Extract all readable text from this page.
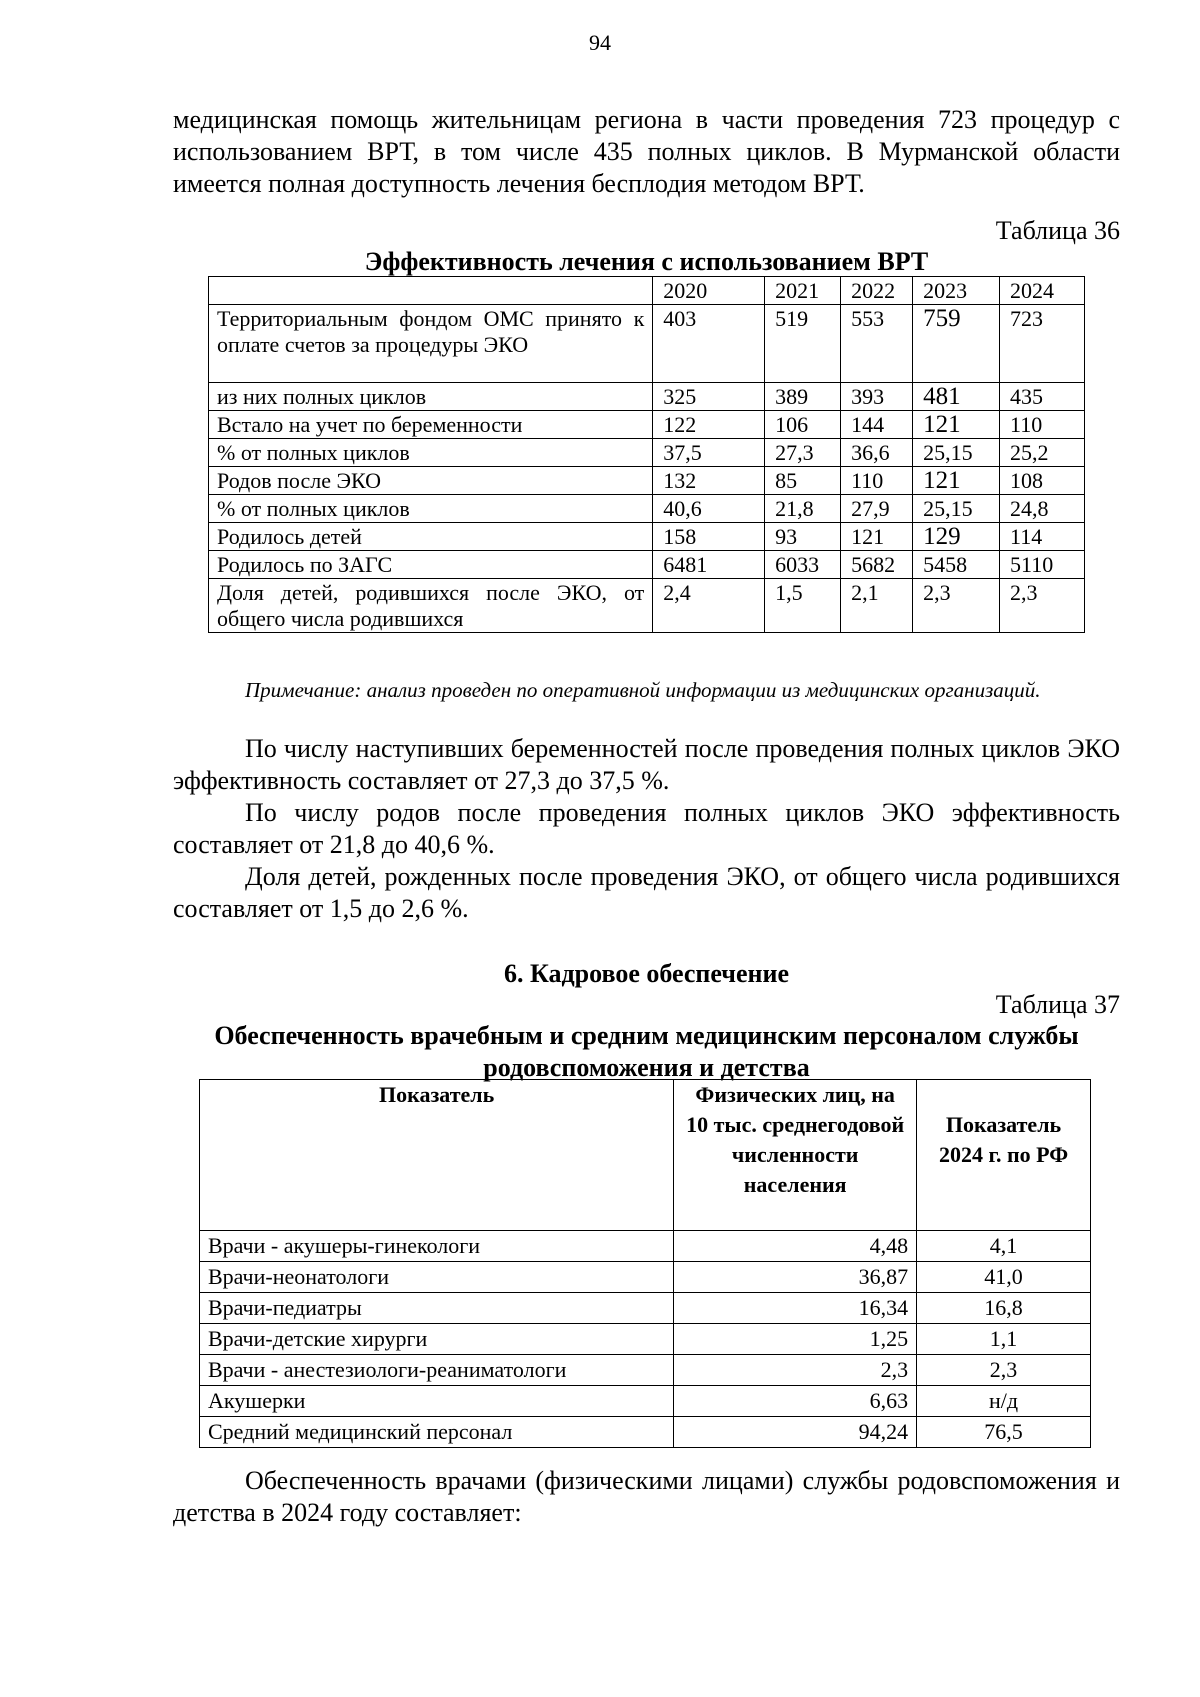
94

медицинская помощь жительницам региона в части проведения 723 процедур с использованием ВРТ, в том числе 435 полных циклов. В Мурманской области имеется полная доступность лечения бесплодия методом ВРТ.

Таблица 36
Эффективность лечения с использованием ВРТ
	2020	2021	2022	2023	2024
Территориальным фондом ОМС принято к оплате счетов за процедуры ЭКО	403	519	553	759	723
из них полных циклов	325	389	393	481	435
Встало на учет по беременности	122	106	144	121	110
% от полных циклов	37,5	27,3	36,6	25,15	25,2
Родов после ЭКО	132	85	110	121	108
% от полных циклов	40,6	21,8	27,9	25,15	24,8
Родилось детей	158	93	121	129	114
Родилось по ЗАГС	6481	6033	5682	5458	5110
Доля детей, родившихся после ЭКО, от общего числа родившихся	2,4	1,5	2,1	2,3	2,3
Примечание: анализ проведен по оперативной информации из медицинских организаций.

По числу наступивших беременностей после проведения полных циклов ЭКО эффективность составляет от 27,3 до 37,5 %.

По числу родов после проведения полных циклов ЭКО эффективность составляет от 21,8 до 40,6 %.

Доля детей, рожденных после проведения ЭКО, от общего числа родившихся составляет от 1,5 до 2,6 %.

6. Кадровое обеспечение
Таблица 37
Обеспеченность врачебным и средним медицинским персоналом службы родовспоможения и детства
Показатель	Физических лиц, на 10 тыс. среднегодовой численности населения	Показатель 2024 г. по РФ
Врачи - акушеры-гинекологи	4,48	4,1
Врачи-неонатологи	36,87	41,0
Врачи-педиатры	16,34	16,8
Врачи-детские хирурги	1,25	1,1
Врачи - анестезиологи-реаниматологи	2,3	2,3
Акушерки	6,63	н/д
Средний медицинский персонал	94,24	76,5

Обеспеченность врачами (физическими лицами) службы родовспоможения и детства в 2024 году составляет:
